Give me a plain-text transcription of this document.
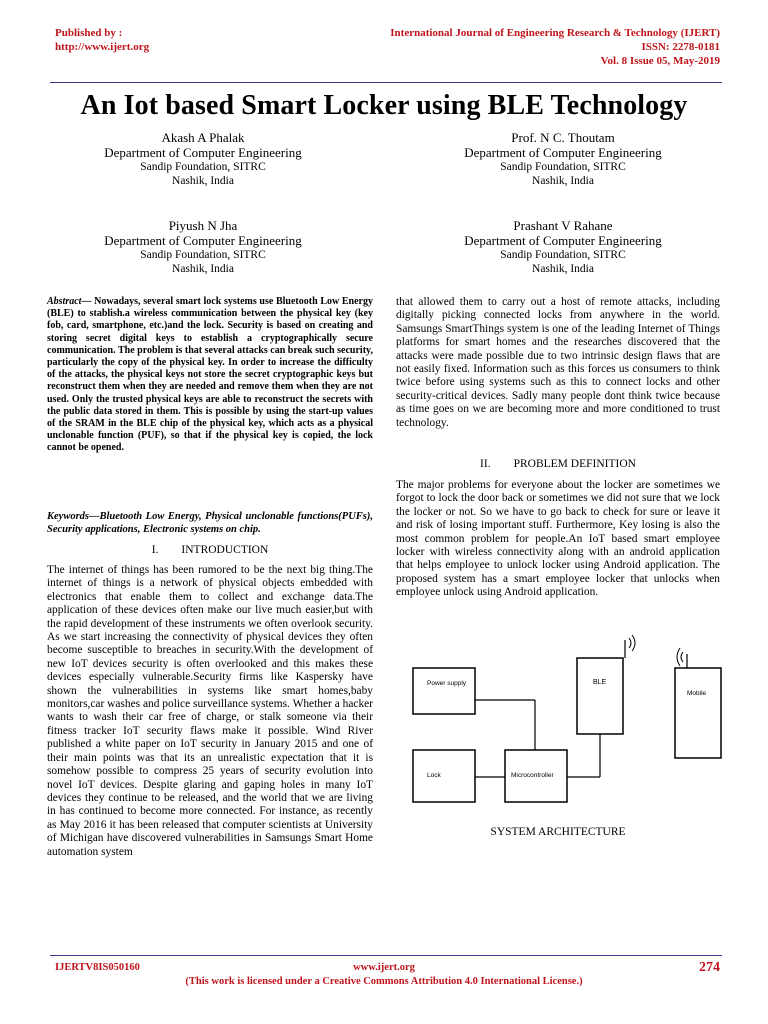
Published by :
http://www.ijert.org
International Journal of Engineering Research & Technology (IJERT)
ISSN: 2278-0181
Vol. 8 Issue 05, May-2019
An Iot based Smart Locker using BLE Technology
Akash A Phalak
Department of Computer Engineering
Sandip Foundation, SITRC
Nashik, India
Prof. N C. Thoutam
Department of Computer Engineering
Sandip Foundation, SITRC
Nashik, India
Piyush N Jha
Department of Computer Engineering
Sandip Foundation, SITRC
Nashik, India
Prashant V Rahane
Department of Computer Engineering
Sandip Foundation, SITRC
Nashik, India
Abstract— Nowadays, several smart lock systems use Bluetooth Low Energy (BLE) to stablish.a wireless communication between the physical key (key fob, card, smartphone, etc.)and the lock. Security is based on creating and storing secret digital keys to establish a cryptographically secure communication. The problem is that several attacks can break such security, particularly the copy of the physical key. In order to increase the difficulty of the attacks, the physical keys not store the secret cryptographic keys but reconstruct them when they are needed and remove them when they are not used. Only the trusted physical keys are able to reconstruct the secrets with the public data stored in them. This is possible by using the start-up values of the SRAM in the BLE chip of the physical key, which acts as a physical unclonable function (PUF), so that if the physical key is copied, the lock cannot be opened.
Keywords—Bluetooth Low Energy, Physical unclonable functions(PUFs), Security applications, Electronic systems on chip.
I.        INTRODUCTION
The internet of things has been rumored to be the next big thing.The internet of things is a network of physical objects embedded with electronics that enable them to collect and exchange data.The application of these devices often make our live much easier,but with the rapid development of these instruments we often overlook security. As we start increasing the connectivity of physical devices they often become susceptible to breaches in security.With the development of new IoT devices security is often overlooked and this makes these devices especially vulnerable.Security firms like Kaspersky have shown the vulnerabilities in systems like smart homes,baby monitors,car washes and police surveillance systems. Whether a hacker wants to wash their car free of charge, or stalk someone via their fitness tracker IoT security flaws make it possible. Wind River published a white paper on IoT security in January 2015 and one of their main points was that its an unrealistic expectation that it is somehow possible to compress 25 years of security evolution into novel IoT devices. Despite glaring and gaping holes in many IoT devices they continue to be released, and the world that we are living in has continued to become more connected. For instance, as recently as May 2016 it has been released that computer scientists at University of Michigan have discovered vulnerabilities in Samsungs Smart Home automation system
that allowed them to carry out a host of remote attacks, including digitally picking connected locks from anywhere in the world. Samsungs SmartThings system is one of the leading Internet of Things platforms for smart homes and the researches discovered that the attacks were made possible due to two intrinsic design flaws that are not easily fixed. Information such as this forces us consumers to think twice before using systems such as this to connect locks and other security-critical devices. Sadly many people dont think twice because as time goes on we are becoming more and more conditioned to trust technology.
II.        PROBLEM DEFINITION
The major problems for everyone about the locker are sometimes we forgot to lock the door back or sometimes we did not sure that we lock the locker or not. So we have to go back to check for sure or leave it and risk of losing important stuff. Furthermore, Key losing is also the most common problem for people.An IoT based smart employee locker with wireless connectivity along with an android application that helps employee to unlock locker using Android application. The proposed system has a smart employee locker that unlocks when employee unlock using Android application.
Power supply	BLE
Mobile
Lock	Microcontroller
SYSTEM ARCHITECTURE
IJERTV8IS050160	www.ijert.org
(This work is licensed under a Creative Commons Attribution 4.0 International License.)
274
